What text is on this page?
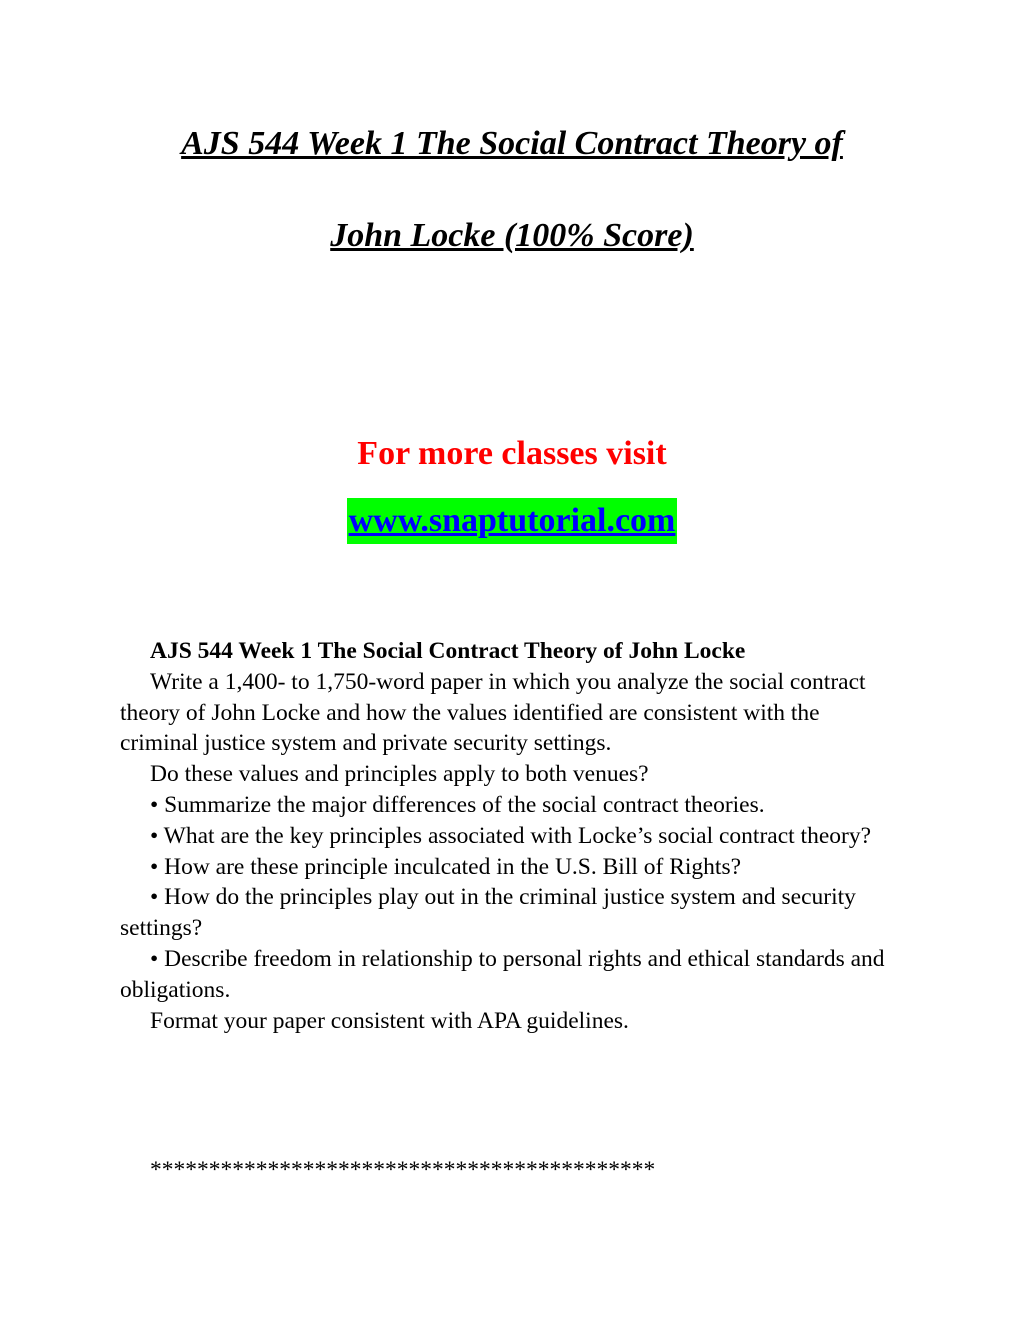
AJS 544 Week 1 The Social Contract Theory of
John Locke (100% Score)
For more classes visit
www.snaptutorial.com

AJS 544 Week 1 The Social Contract Theory of John Locke

Write a 1,400- to 1,750-word paper in which you analyze the social contract theory of John Locke and how the values identified are consistent with the criminal justice system and private security settings.

Do these values and principles apply to both venues?

• Summarize the major differences of the social contract theories.

• What are the key principles associated with Locke’s social contract theory?

• How are these principle inculcated in the U.S. Bill of Rights?

• How do the principles play out in the criminal justice system and security settings?

• Describe freedom in relationship to personal rights and ethical standards and obligations.

Format your paper consistent with APA guidelines.

*******************************************
